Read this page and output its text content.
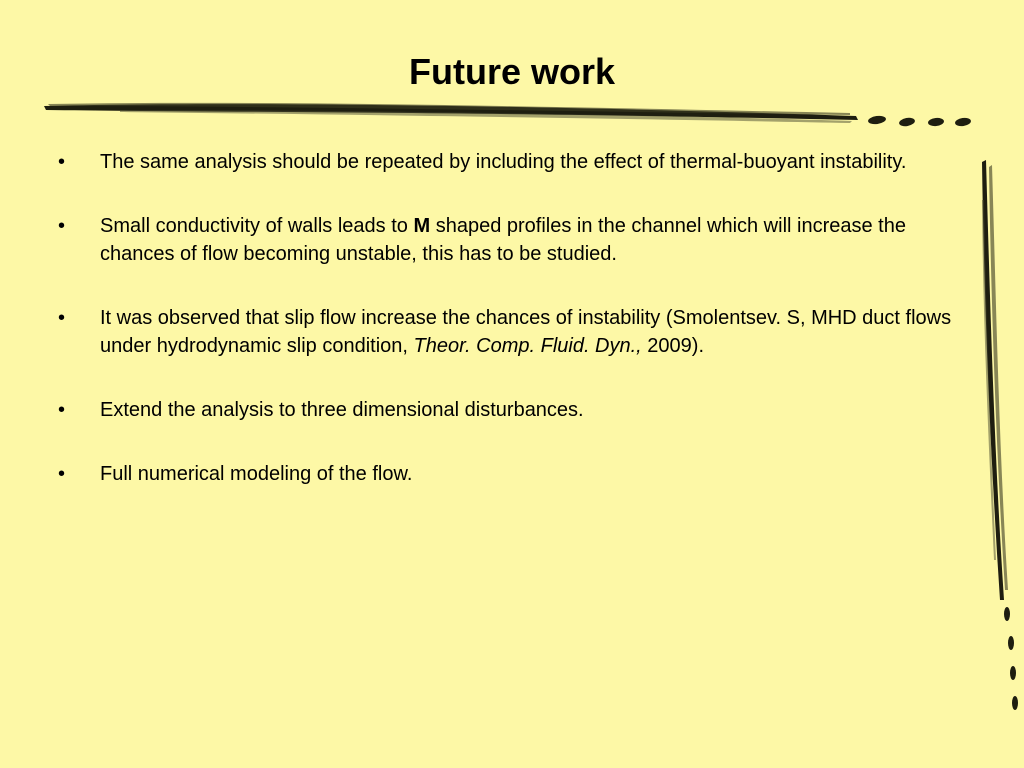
Future work
•	The same analysis should be repeated by including the effect of thermal-buoyant instability.
•	Small conductivity of walls leads to M shaped profiles in the channel which will increase the chances of flow becoming unstable, this has to be studied.
•	It was observed that slip flow increase the chances of instability (Smolentsev. S, MHD duct flows under hydrodynamic slip condition, Theor. Comp. Fluid. Dyn., 2009).
•	Extend the analysis to three dimensional disturbances.
•	Full numerical modeling of the flow.
